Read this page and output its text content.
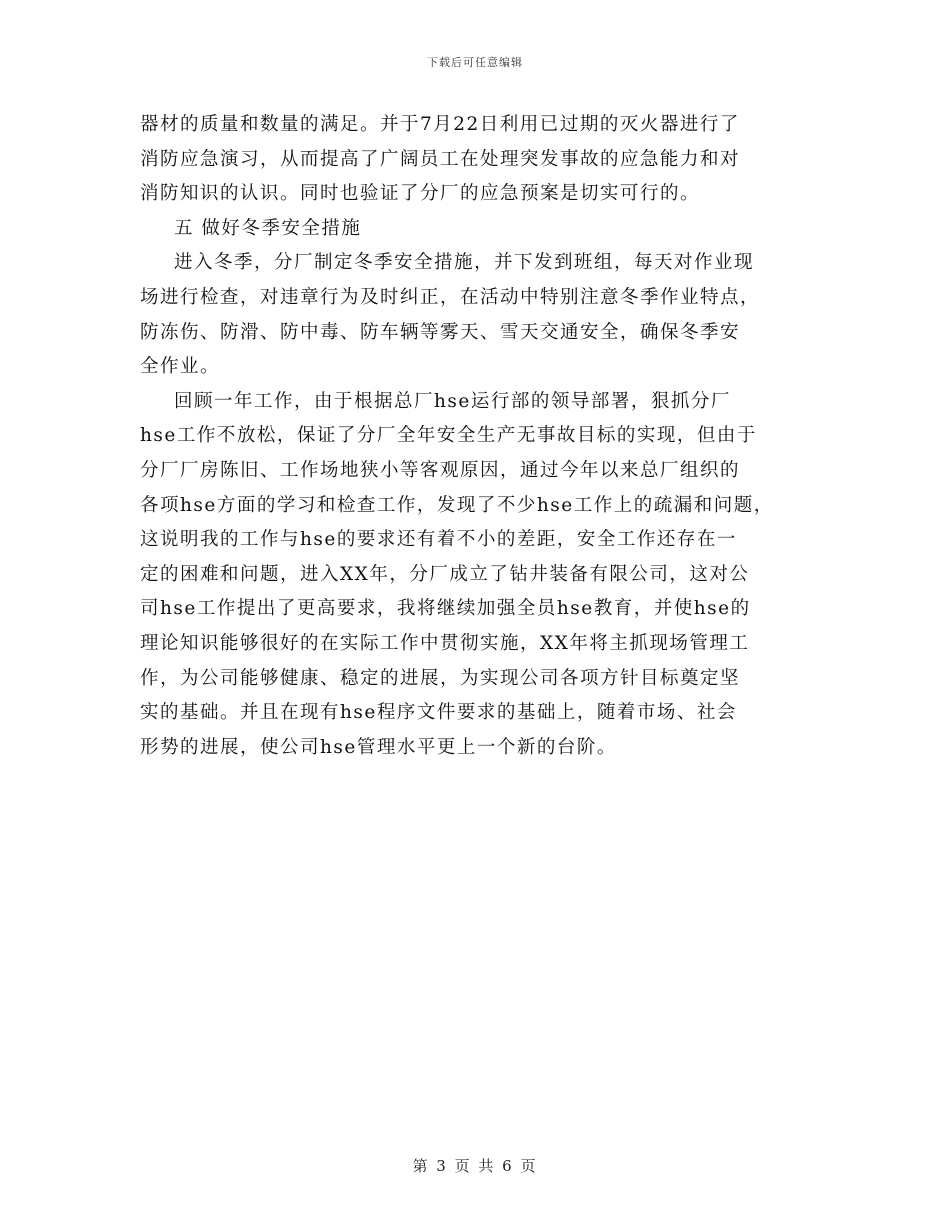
下载后可任意编辑
器材的质量和数量的满足。并于7月22日利用已过期的灭火器进行了
消防应急演习，从而提高了广阔员工在处理突发事故的应急能力和对
消防知识的认识。同时也验证了分厂的应急预案是切实可行的。
五 做好冬季安全措施
进入冬季，分厂制定冬季安全措施，并下发到班组，每天对作业现
场进行检查，对违章行为及时纠正，在活动中特别注意冬季作业特点，
防冻伤、防滑、防中毒、防车辆等雾天、雪天交通安全，确保冬季安
全作业。
回顾一年工作，由于根据总厂hse运行部的领导部署，狠抓分厂
hse工作不放松，保证了分厂全年安全生产无事故目标的实现，但由于
分厂厂房陈旧、工作场地狭小等客观原因，通过今年以来总厂组织的
各项hse方面的学习和检查工作，发现了不少hse工作上的疏漏和问题，
这说明我的工作与hse的要求还有着不小的差距，安全工作还存在一
定的困难和问题，进入XX年，分厂成立了钻井装备有限公司，这对公
司hse工作提出了更高要求，我将继续加强全员hse教育，并使hse的
理论知识能够很好的在实际工作中贯彻实施，XX年将主抓现场管理工
作，为公司能够健康、稳定的进展，为实现公司各项方针目标奠定坚
实的基础。并且在现有hse程序文件要求的基础上，随着市场、社会
形势的进展，使公司hse管理水平更上一个新的台阶。
第 3 页 共 6 页
